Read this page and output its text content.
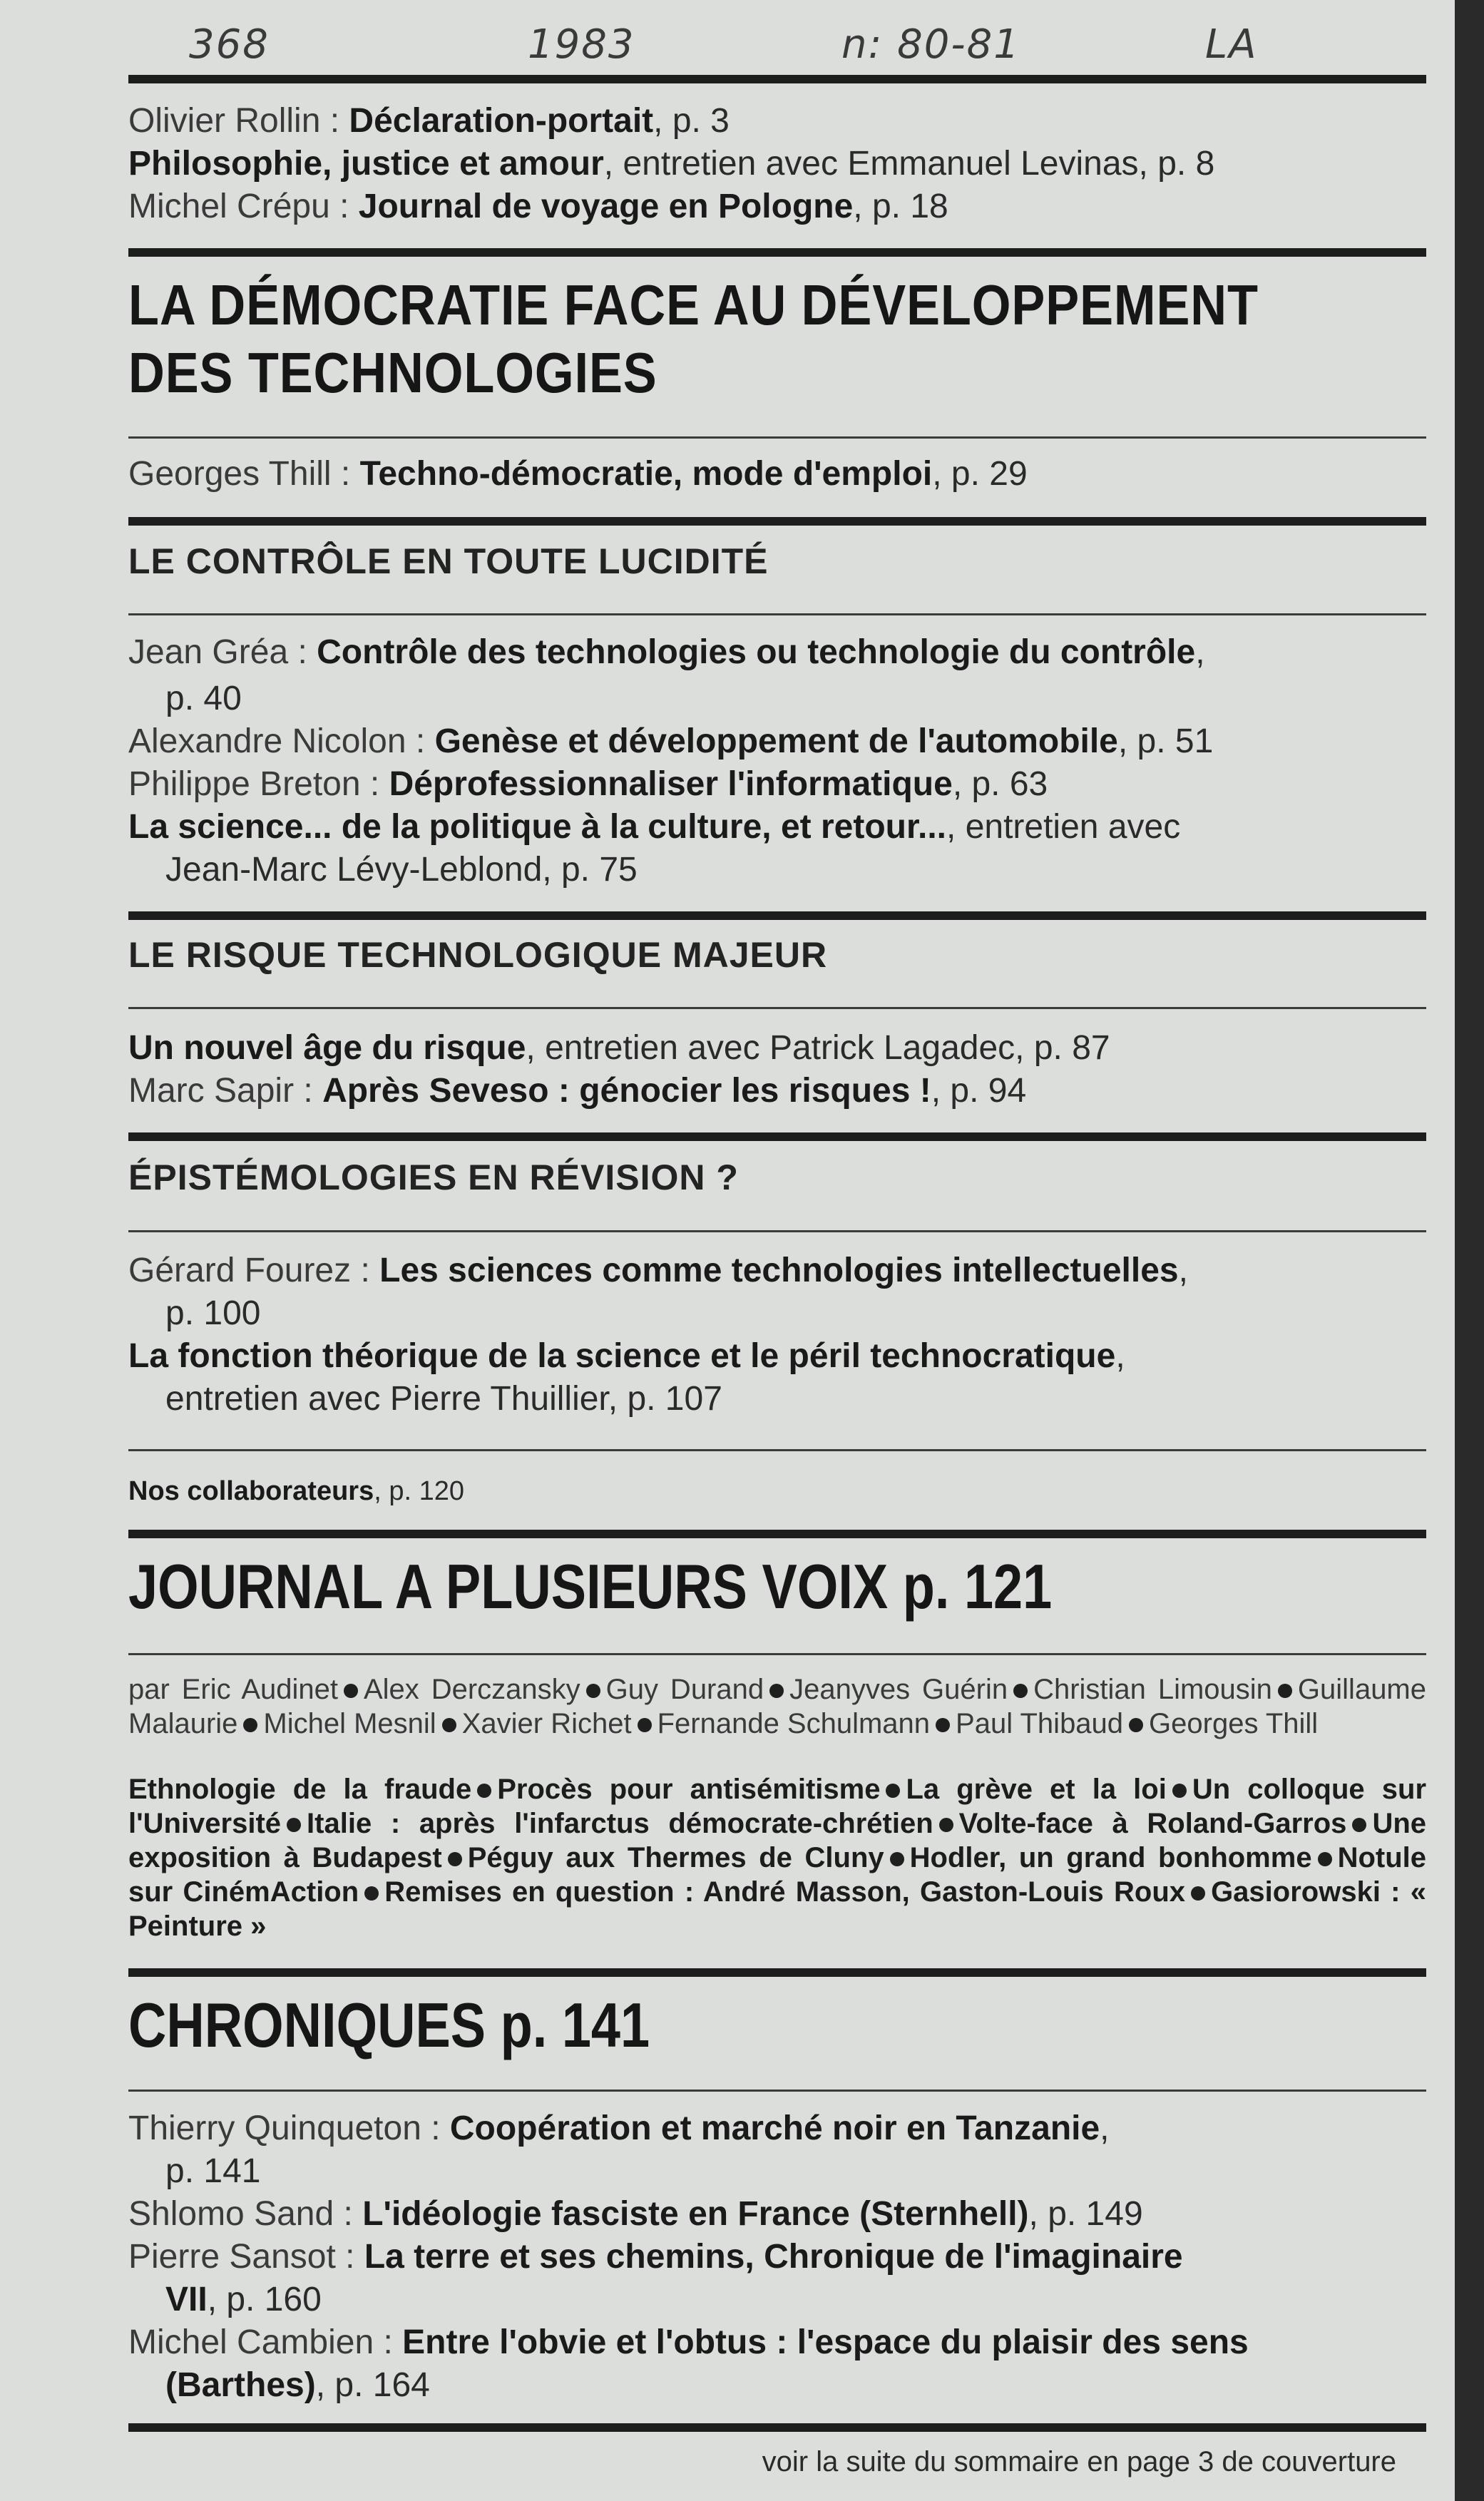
368	1983	n: 80-81	LA
Olivier Rollin : Déclaration-portait, p. 3
Philosophie, justice et amour, entretien avec Emmanuel Levinas, p. 8
Michel Crépu : Journal de voyage en Pologne, p. 18
LA DÉMOCRATIE FACE AU DÉVELOPPEMENT
DES TECHNOLOGIES
Georges Thill : Techno-démocratie, mode d'emploi, p. 29
LE CONTRÔLE EN TOUTE LUCIDITÉ
Jean Gréa : Contrôle des technologies ou technologie du contrôle,
p. 40
Alexandre Nicolon : Genèse et développement de l'automobile, p. 51
Philippe Breton : Déprofessionnaliser l'informatique, p. 63
La science... de la politique à la culture, et retour..., entretien avec
Jean-Marc Lévy-Leblond, p. 75
LE RISQUE TECHNOLOGIQUE MAJEUR
Un nouvel âge du risque, entretien avec Patrick Lagadec, p. 87
Marc Sapir : Après Seveso : génocier les risques !, p. 94
ÉPISTÉMOLOGIES EN RÉVISION ?
Gérard Fourez : Les sciences comme technologies intellectuelles,
p. 100
La fonction théorique de la science et le péril technocratique,
entretien avec Pierre Thuillier, p. 107
Nos collaborateurs, p. 120
JOURNAL A PLUSIEURS VOIX p. 121
par Eric Audinet Alex Derczansky Guy Durand Jeanyves Guérin Christian Limousin Guillaume Malaurie Michel Mesnil Xavier Richet Fernande Schulmann Paul Thibaud Georges Thill
Ethnologie de la fraude Procès pour antisémitisme La grève et la loi Un colloque sur l'Université Italie : après l'infarctus démocrate-chrétien Volte-face à Roland-Garros Une exposition à Budapest Péguy aux Thermes de Cluny Hodler, un grand bonhomme Notule sur CinémAction Remises en question : André Masson, Gaston-Louis Roux Gasiorowski : « Peinture »
CHRONIQUES p. 141
Thierry Quinqueton : Coopération et marché noir en Tanzanie,
p. 141
Shlomo Sand : L'idéologie fasciste en France (Sternhell), p. 149
Pierre Sansot : La terre et ses chemins, Chronique de l'imaginaire
VII, p. 160
Michel Cambien : Entre l'obvie et l'obtus : l'espace du plaisir des sens
(Barthes), p. 164
voir la suite du sommaire en page 3 de couverture
